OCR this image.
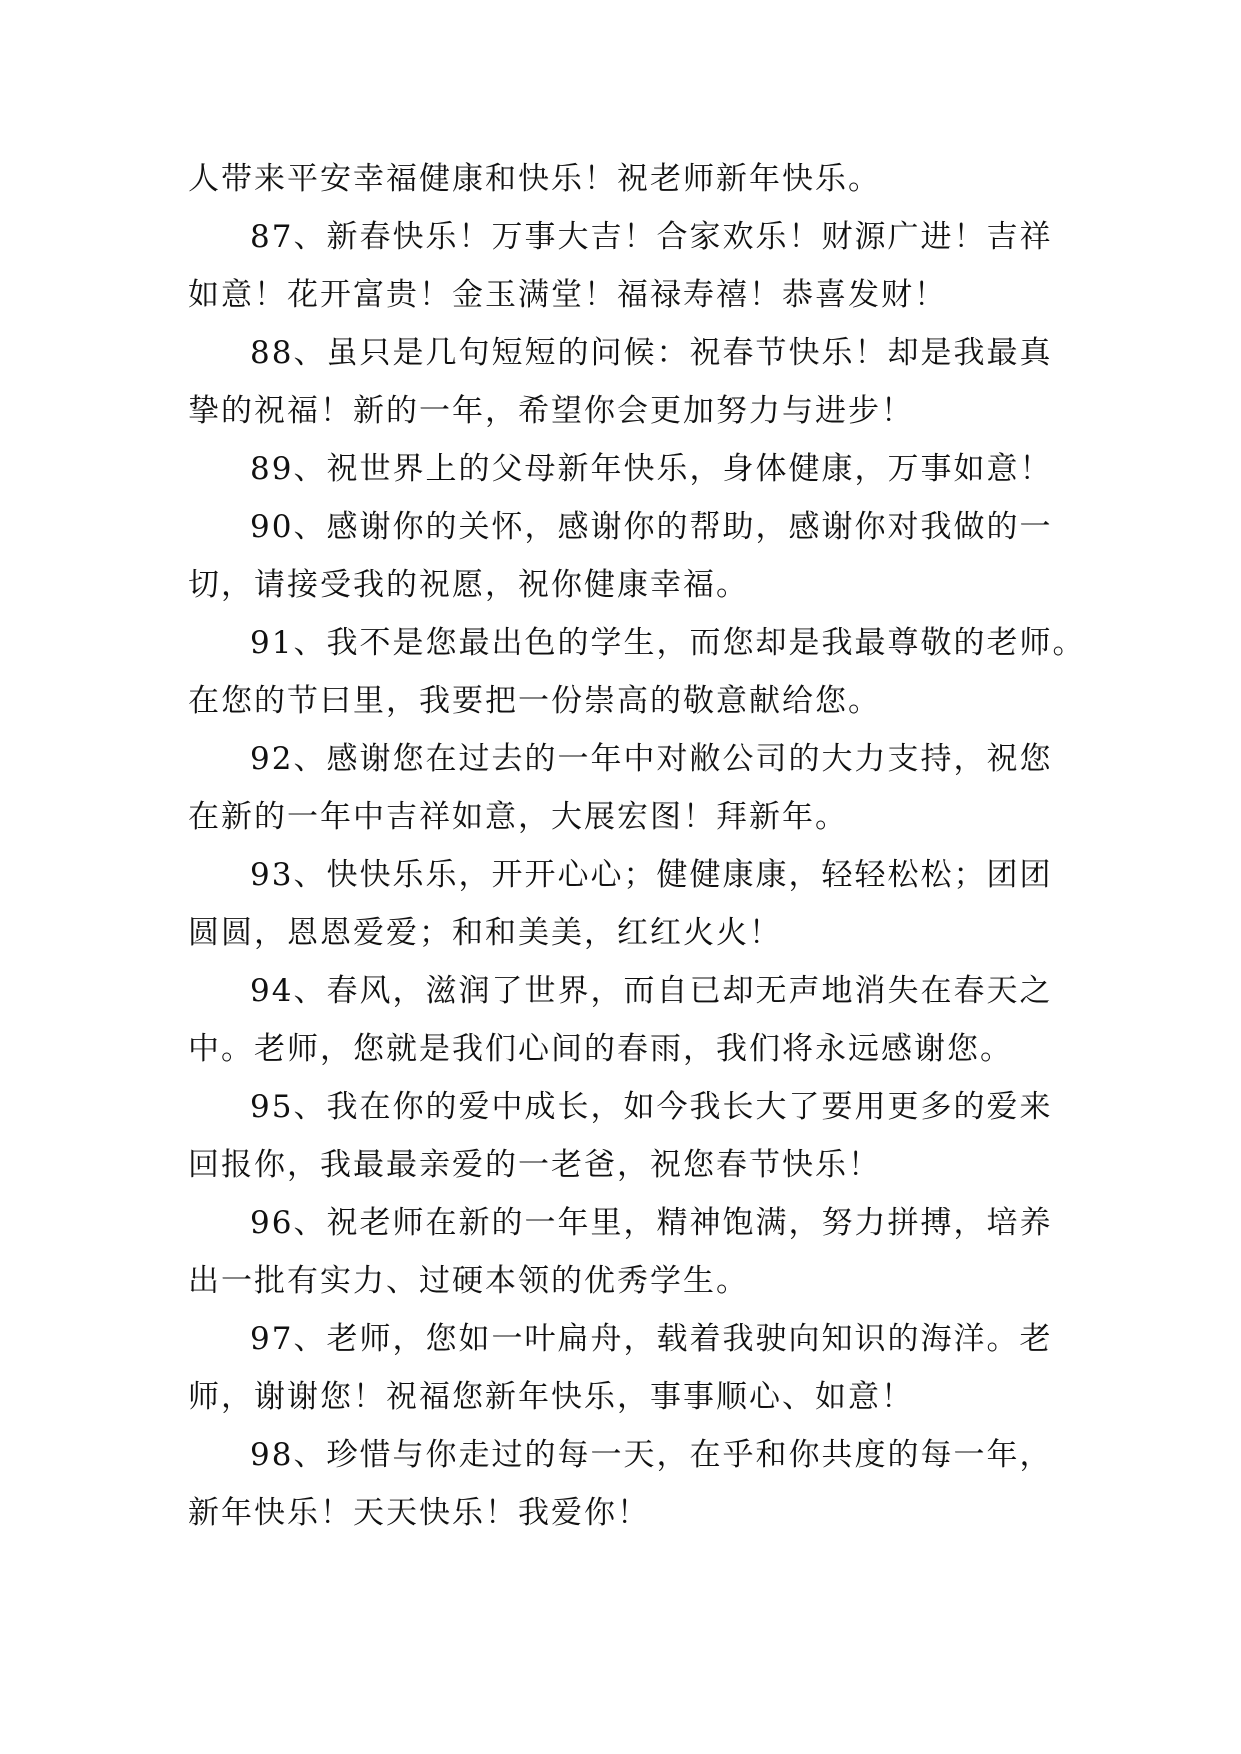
人带来平安幸福健康和快乐！祝老师新年快乐。

87、新春快乐！万事大吉！合家欢乐！财源广进！吉祥
如意！花开富贵！金玉满堂！福禄寿禧！恭喜发财！

88、虽只是几句短短的问候：祝春节快乐！却是我最真
挚的祝福！新的一年，希望你会更加努力与进步！

89、祝世界上的父母新年快乐，身体健康，万事如意！

90、感谢你的关怀，感谢你的帮助，感谢你对我做的一
切，请接受我的祝愿，祝你健康幸福。

91、我不是您最出色的学生，而您却是我最尊敬的老师。
在您的节曰里，我要把一份崇高的敬意献给您。

92、感谢您在过去的一年中对敝公司的大力支持，祝您
在新的一年中吉祥如意，大展宏图！拜新年。

93、快快乐乐，开开心心；健健康康，轻轻松松；团团
圆圆，恩恩爱爱；和和美美，红红火火！

94、春风，滋润了世界，而自已却无声地消失在春天之
中。老师，您就是我们心间的春雨，我们将永远感谢您。

95、我在你的爱中成长，如今我长大了要用更多的爱来
回报你，我最最亲爱的一老爸，祝您春节快乐！

96、祝老师在新的一年里，精神饱满，努力拼搏，培养
出一批有实力、过硬本领的优秀学生。

97、老师，您如一叶扁舟，载着我驶向知识的海洋。老
师，谢谢您！祝福您新年快乐，事事顺心、如意！

98、珍惜与你走过的每一天，在乎和你共度的每一年，
新年快乐！天天快乐！我爱你！
